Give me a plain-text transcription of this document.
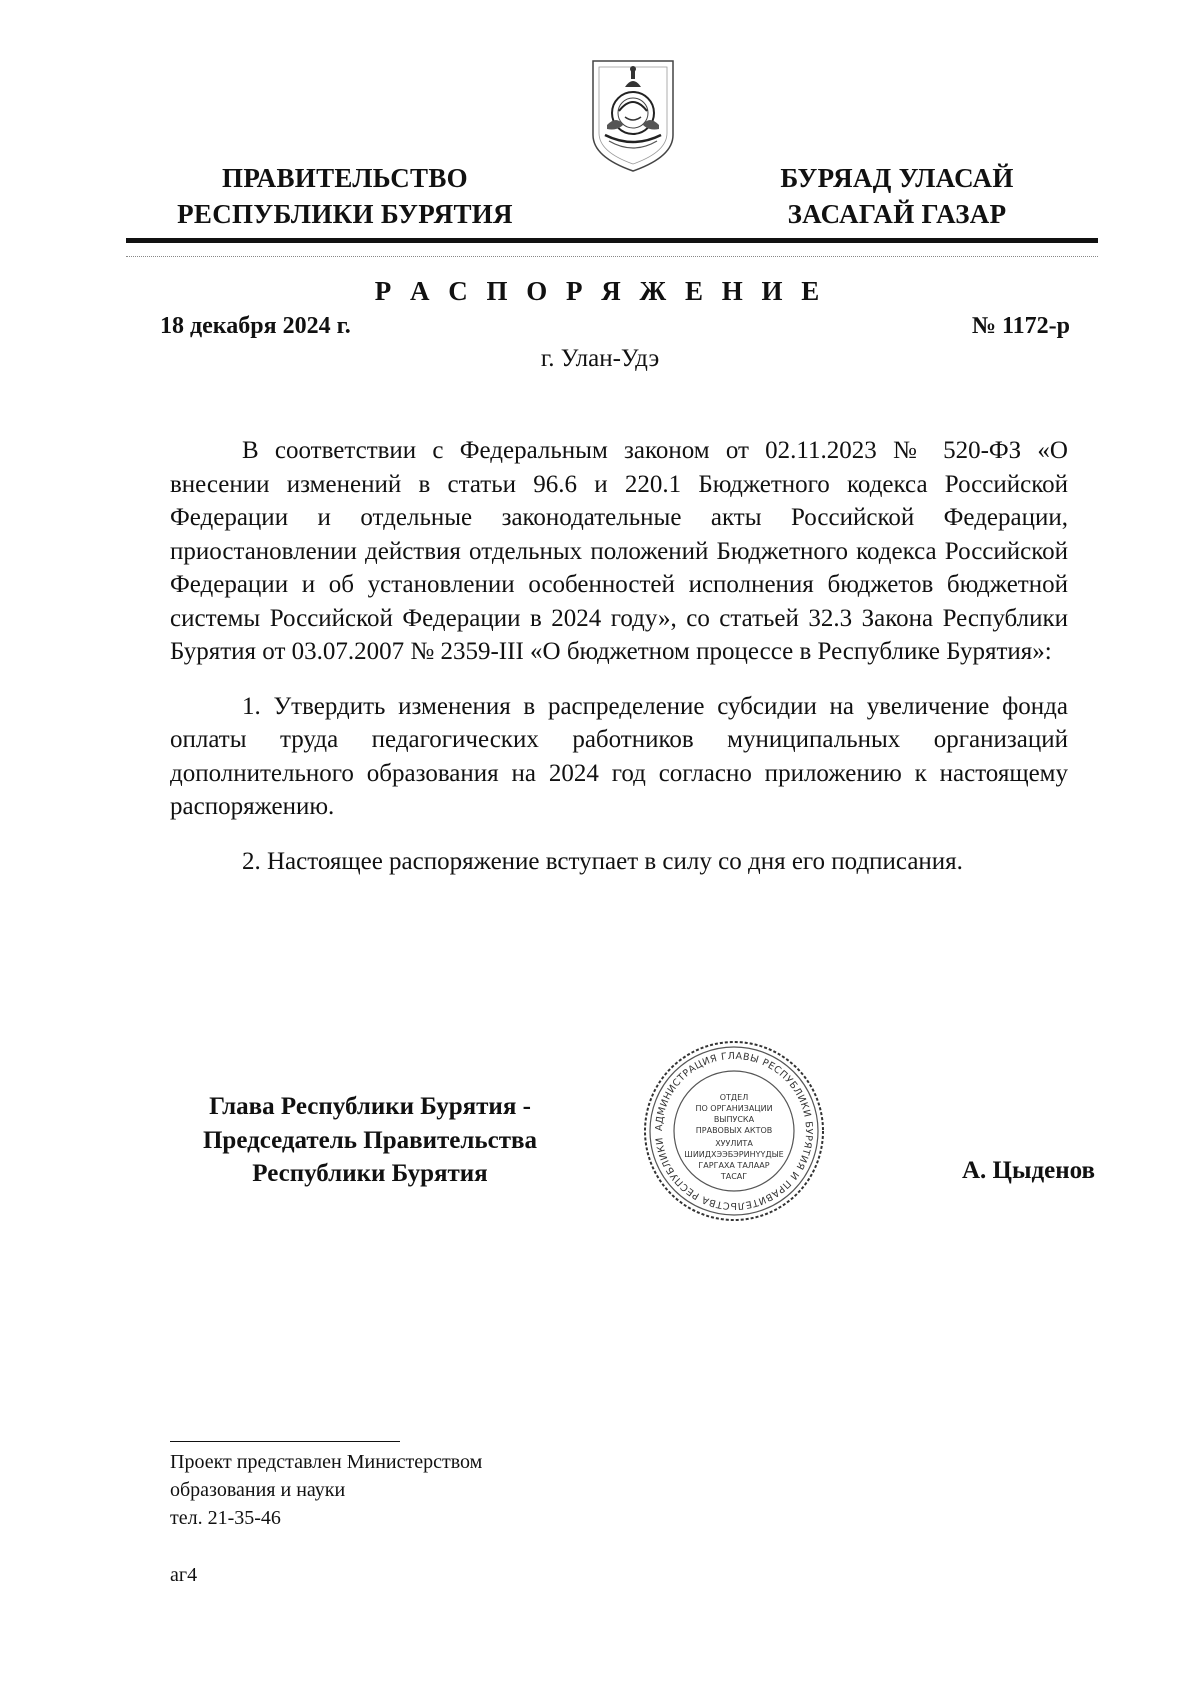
ПРАВИТЕЛЬСТВО
РЕСПУБЛИКИ БУРЯТИЯ
БУРЯАД УЛАСАЙ
ЗАСАГАЙ ГАЗАР
Р А С П О Р Я Ж Е Н И Е
18 декабря 2024 г.	№ 1172-р
г. Улан-Удэ

В соответствии с Федеральным законом от 02.11.2023 № 520-ФЗ «О внесении изменений в статьи 96.6 и 220.1 Бюджетного кодекса Российской Федерации и отдельные законодательные акты Российской Федерации, приостановлении действия отдельных положений Бюджетного кодекса Российской Федерации и об установлении особенностей исполнения бюджетов бюджетной системы Российской Федерации в 2024 году», со статьей 32.3 Закона Республики Бурятия от 03.07.2007 № 2359-III «О бюджетном процессе в Республике Бурятия»:

1. Утвердить изменения в распределение субсидии на увеличение фонда оплаты труда педагогических работников муниципальных организаций дополнительного образования на 2024 год согласно приложению к настоящему распоряжению.

2. Настоящее распоряжение вступает в силу со дня его подписания.

Глава Республики Бурятия -
Председатель Правительства
Республики Бурятия
АДМИНИСТРАЦИЯ ГЛАВЫ РЕСПУБЛИКИ БУРЯТИЯ И ПРАВИТЕЛЬСТВА РЕСПУБЛИКИ
ОТДЕЛ
ПО ОРГАНИЗАЦИИ
ВЫПУСКА
ПРАВОВЫХ АКТОВ
ХУУЛИТА
ШИИДХЭЭБЭРИНҮҮДЫЕ
ГАРГАХА ТАЛААР
ТАСАГ	А. Цыденов
Проект представлен Министерством
образования и науки
тел. 21-35-46
аг4
